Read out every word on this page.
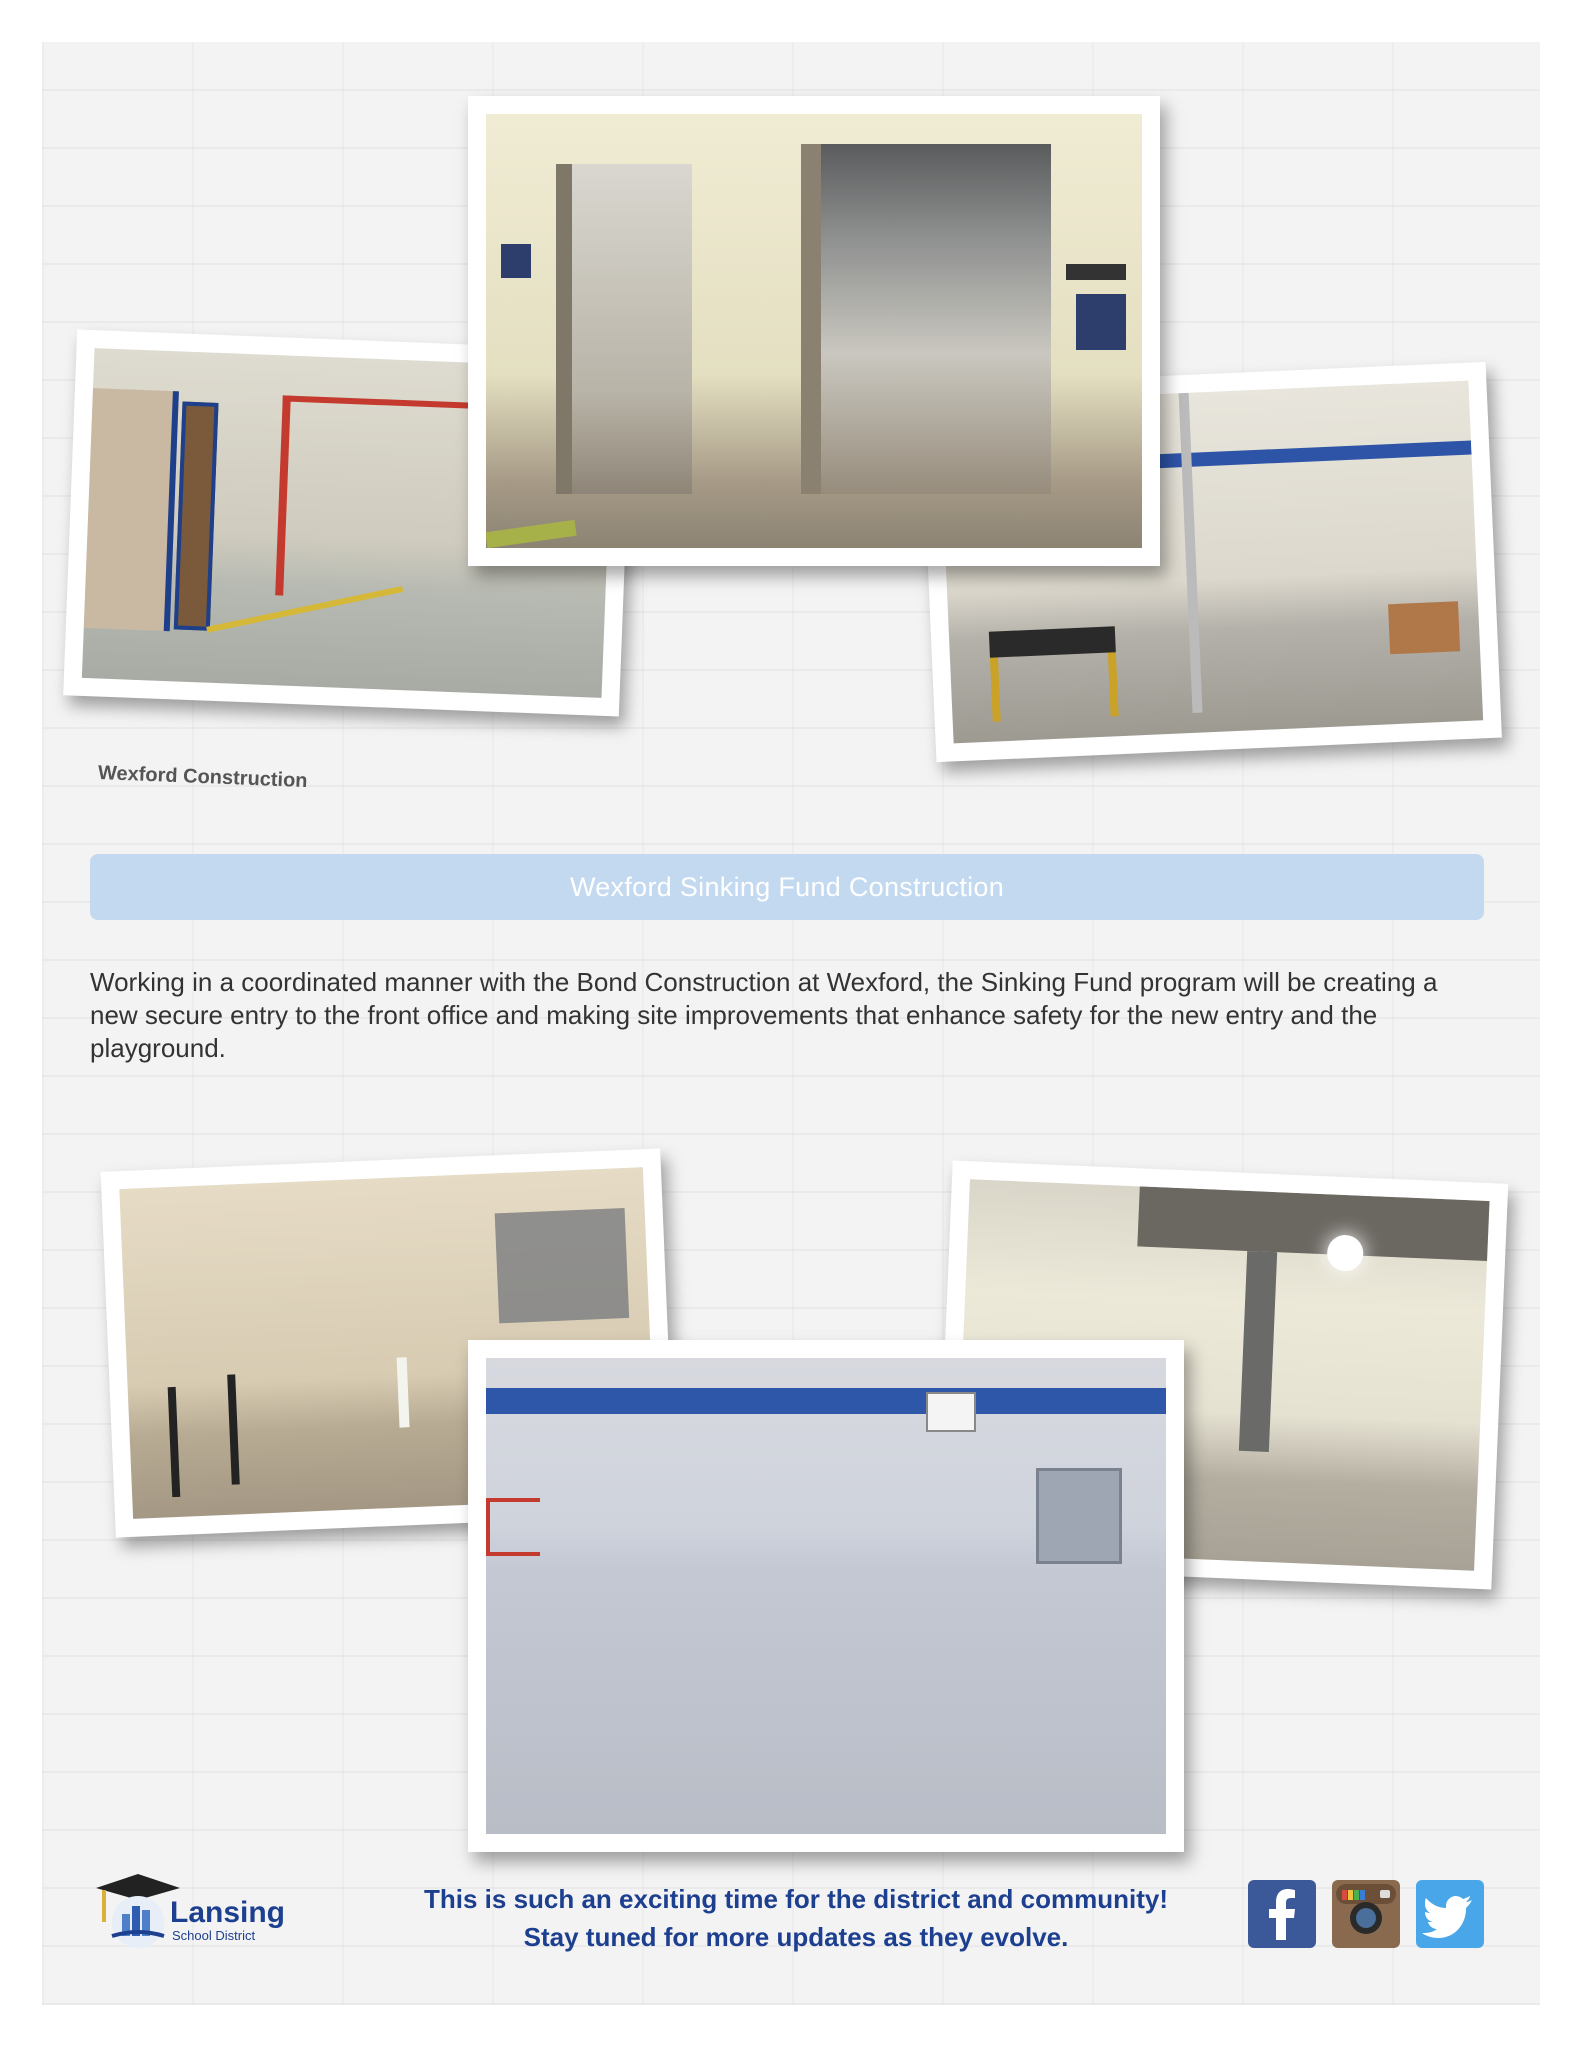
Wexford Construction

Wexford Sinking Fund Construction

Working in a coordinated manner with the Bond Construction at Wexford, the Sinking Fund program will be creating a new secure entry to the front office and making site improvements that enhance safety for the new entry and the playground.

Lansing
School District

This is such an exciting time for the district and community!
Stay tuned for more updates as they evolve.
